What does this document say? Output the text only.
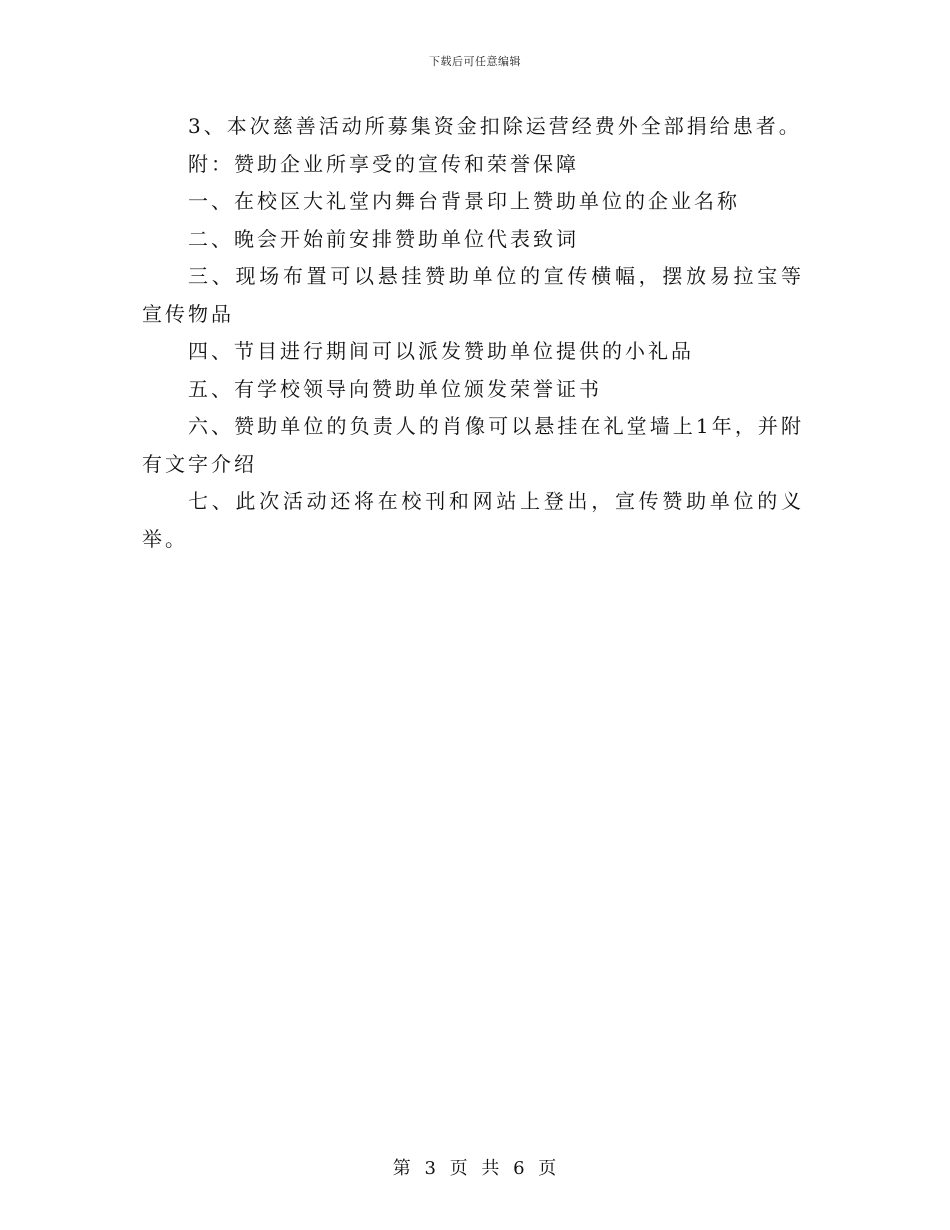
下载后可任意编辑

3、本次慈善活动所募集资金扣除运营经费外全部捐给患者。

附：赞助企业所享受的宣传和荣誉保障

一、在校区大礼堂内舞台背景印上赞助单位的企业名称

二、晚会开始前安排赞助单位代表致词

三、现场布置可以悬挂赞助单位的宣传横幅，摆放易拉宝等宣传物品

四、节目进行期间可以派发赞助单位提供的小礼品

五、有学校领导向赞助单位颁发荣誉证书

六、赞助单位的负责人的肖像可以悬挂在礼堂墙上1年，并附有文字介绍

七、此次活动还将在校刊和网站上登出，宣传赞助单位的义举。

第 3 页 共 6 页
